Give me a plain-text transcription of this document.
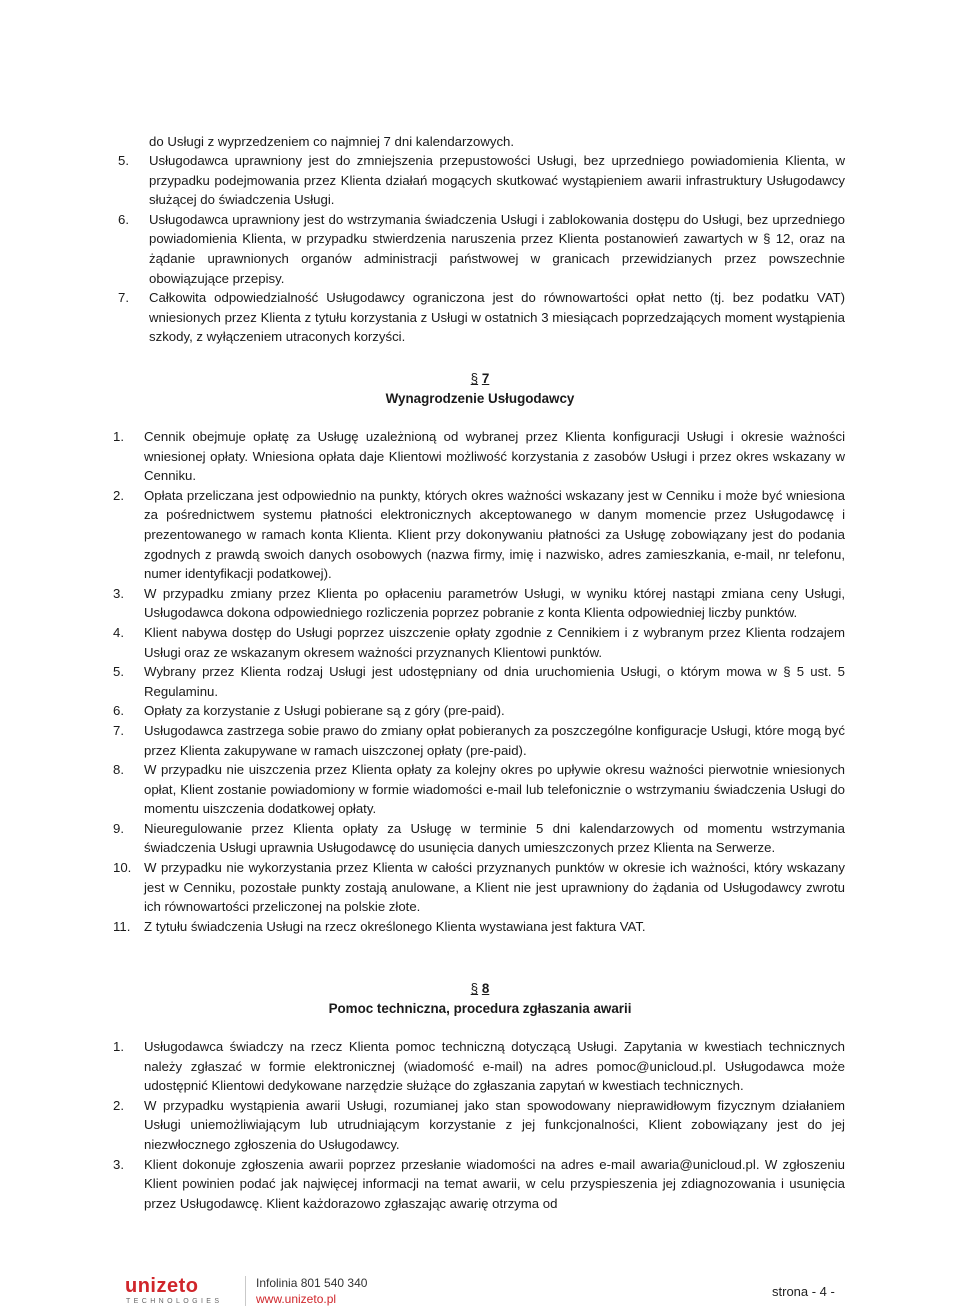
do Usługi z wyprzedzeniem co najmniej 7 dni kalendarzowych.
5. Usługodawca uprawniony jest do zmniejszenia przepustowości Usługi, bez uprzedniego powiadomienia Klienta, w przypadku podejmowania przez Klienta działań mogących skutkować wystąpieniem awarii infrastruktury Usługodawcy służącej do świadczenia Usługi.
6. Usługodawca uprawniony jest do wstrzymania świadczenia Usługi i zablokowania dostępu do Usługi, bez uprzedniego powiadomienia Klienta, w przypadku stwierdzenia naruszenia przez Klienta postanowień zawartych w § 12, oraz na żądanie uprawnionych organów administracji państwowej w granicach przewidzianych przez powszechnie obowiązujące przepisy.
7. Całkowita odpowiedzialność Usługodawcy ograniczona jest do równowartości opłat netto (tj. bez podatku VAT) wniesionych przez Klienta z tytułu korzystania z Usługi w ostatnich 3 miesiącach poprzedzających moment wystąpienia szkody, z wyłączeniem utraconych korzyści.
§ 7
Wynagrodzenie Usługodawcy
1. Cennik obejmuje opłatę za Usługę uzależnioną od wybranej przez Klienta konfiguracji Usługi i okresie ważności wniesionej opłaty. Wniesiona opłata daje Klientowi możliwość korzystania z zasobów Usługi i przez okres wskazany w Cenniku.
2. Opłata przeliczana jest odpowiednio na punkty, których okres ważności wskazany jest w Cenniku i może być wniesiona za pośrednictwem systemu płatności elektronicznych akceptowanego w danym momencie przez Usługodawcę i prezentowanego w ramach konta Klienta. Klient przy dokonywaniu płatności za Usługę zobowiązany jest do podania zgodnych z prawdą swoich danych osobowych (nazwa firmy, imię i nazwisko, adres zamieszkania, e-mail, nr telefonu, numer identyfikacji podatkowej).
3. W przypadku zmiany przez Klienta po opłaceniu parametrów Usługi, w wyniku której nastąpi zmiana ceny Usługi, Usługodawca dokona odpowiedniego rozliczenia poprzez pobranie z konta Klienta odpowiedniej liczby punktów.
4. Klient nabywa dostęp do Usługi poprzez uiszczenie opłaty zgodnie z Cennikiem i z wybranym przez Klienta rodzajem Usługi oraz ze wskazanym okresem ważności przyznanych Klientowi punktów.
5. Wybrany przez Klienta rodzaj Usługi jest udostępniany od dnia uruchomienia Usługi, o którym mowa w § 5 ust. 5 Regulaminu.
6. Opłaty za korzystanie z Usługi pobierane są z góry (pre-paid).
7. Usługodawca zastrzega sobie prawo do zmiany opłat pobieranych za poszczególne konfiguracje Usługi, które mogą być przez Klienta zakupywane w ramach uiszczonej opłaty (pre-paid).
8. W przypadku nie uiszczenia przez Klienta opłaty za kolejny okres po upływie okresu ważności pierwotnie wniesionych opłat, Klient zostanie powiadomiony w formie wiadomości e-mail lub telefonicznie o wstrzymaniu świadczenia Usługi do momentu uiszczenia dodatkowej opłaty.
9. Nieuregulowanie przez Klienta opłaty za Usługę w terminie 5 dni kalendarzowych od momentu wstrzymania świadczenia Usługi uprawnia Usługodawcę do usunięcia danych umieszczonych przez Klienta na Serwerze.
10. W przypadku nie wykorzystania przez Klienta w całości przyznanych punktów w okresie ich ważności, który wskazany jest w Cenniku, pozostałe punkty zostają anulowane, a Klient nie jest uprawniony do żądania od Usługodawcy zwrotu ich równowartości przeliczonej na polskie złote.
11. Z tytułu świadczenia Usługi na rzecz określonego Klienta wystawiana jest faktura VAT.
§ 8
Pomoc techniczna, procedura zgłaszania awarii
1. Usługodawca świadczy na rzecz Klienta pomoc techniczną dotyczącą Usługi. Zapytania w kwestiach technicznych należy zgłaszać w formie elektronicznej (wiadomość e-mail) na adres pomoc@unicloud.pl. Usługodawca może udostępnić Klientowi dedykowane narzędzie służące do zgłaszania zapytań w kwestiach technicznych.
2. W przypadku wystąpienia awarii Usługi, rozumianej jako stan spowodowany nieprawidłowym fizycznym działaniem Usługi uniemożliwiającym lub utrudniającym korzystanie z jej funkcjonalności, Klient zobowiązany jest do jej niezwłocznego zgłoszenia do Usługodawcy.
3. Klient dokonuje zgłoszenia awarii poprzez przesłanie wiadomości na adres e-mail awaria@unicloud.pl. W zgłoszeniu Klient powinien podać jak najwięcej informacji na temat awarii, w celu przyspieszenia jej zdiagnozowania i usunięcia przez Usługodawcę. Klient każdorazowo zgłaszając awarię otrzyma od
unizeto
TECHNOLOGIES
Infolinia 801 540 340
www.unizeto.pl	strona - 4 -
